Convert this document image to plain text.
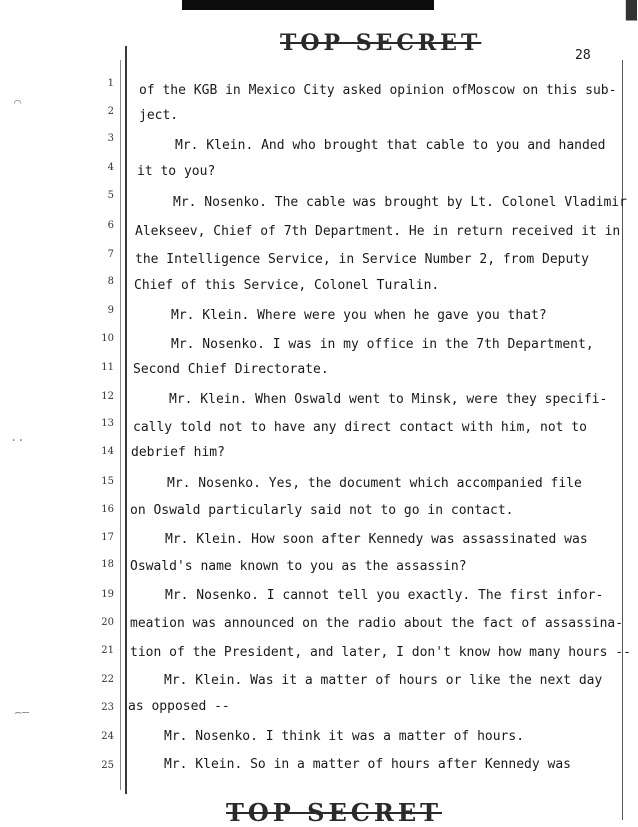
TOP SECRET	28
█
⌒
..
⌢—
1 of the KGB in Mexico City asked opinion ofMoscow on this sub-
2 ject.
3	Mr. Klein. And who brought that cable to you and handed
4 it to you?
5	Mr. Nosenko. The cable was brought by Lt. Colonel Vladimir
6 Alekseev, Chief of 7th Department. He in return received it in
7 the Intelligence Service, in Service Number 2, from Deputy
8 Chief of this Service, Colonel Turalin.
9	Mr. Klein. Where were you when he gave you that?
10	Mr. Nosenko. I was in my office in the 7th Department,
11 Second Chief Directorate.
12	Mr. Klein. When Oswald went to Minsk, were they specifi-
13 cally told not to have any direct contact with him, not to
14 debrief him?
15	Mr. Nosenko. Yes, the document which accompanied file
16 on Oswald particularly said not to go in contact.
17	Mr. Klein. How soon after Kennedy was assassinated was
18 Oswald's name known to you as the assassin?
19	Mr. Nosenko. I cannot tell you exactly. The first infor-
20 meation was announced on the radio about the fact of assassina-
21 tion of the President, and later, I don't know how many hours --
22	Mr. Klein. Was it a matter of hours or like the next day
23 as opposed --
24	Mr. Nosenko. I think it was a matter of hours.
25	Mr. Klein. So in a matter of hours after Kennedy was
TOP SECRET
